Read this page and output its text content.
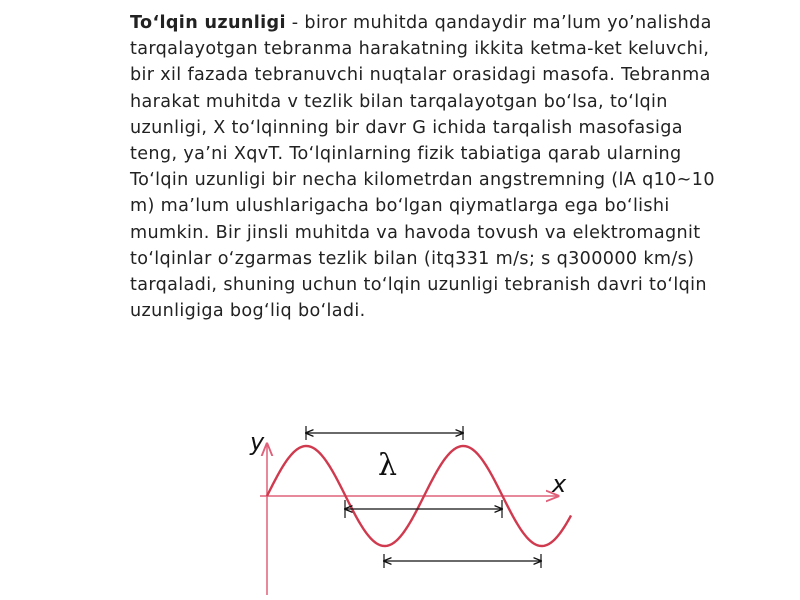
To‘lqin uzunligi - biror muhitda qandaydir ma’lum yo’nalishda tarqalayotgan tebranma harakatning ikkita ketma-ket keluvchi, bir xil fazada tebranuvchi nuqtalar orasidagi masofa. Tebranma harakat muhitda v tezlik bilan tarqalayotgan bo‘lsa, to‘lqin uzunligi, X to‘lqinning bir davr G ichida tarqalish masofasiga teng, ya’ni XqvT. To‘lqinlarning fizik tabiatiga qarab ularning To‘lqin uzunligi bir necha kilometrdan angstremning (lA q10~10 m) ma’lum ulushlarigacha bo‘lgan qiymatlarga ega bo‘lishi mumkin. Bir jinsli muhitda va havoda tovush va elektromagnit to‘lqinlar o‘zgarmas tezlik bilan (itq331 m/s; s q300000 km/s) tarqaladi, shuning uchun to‘lqin uzunligi tebranish davri to‘lqin uzunligiga bog‘liq bo‘ladi.

y
x
λ
